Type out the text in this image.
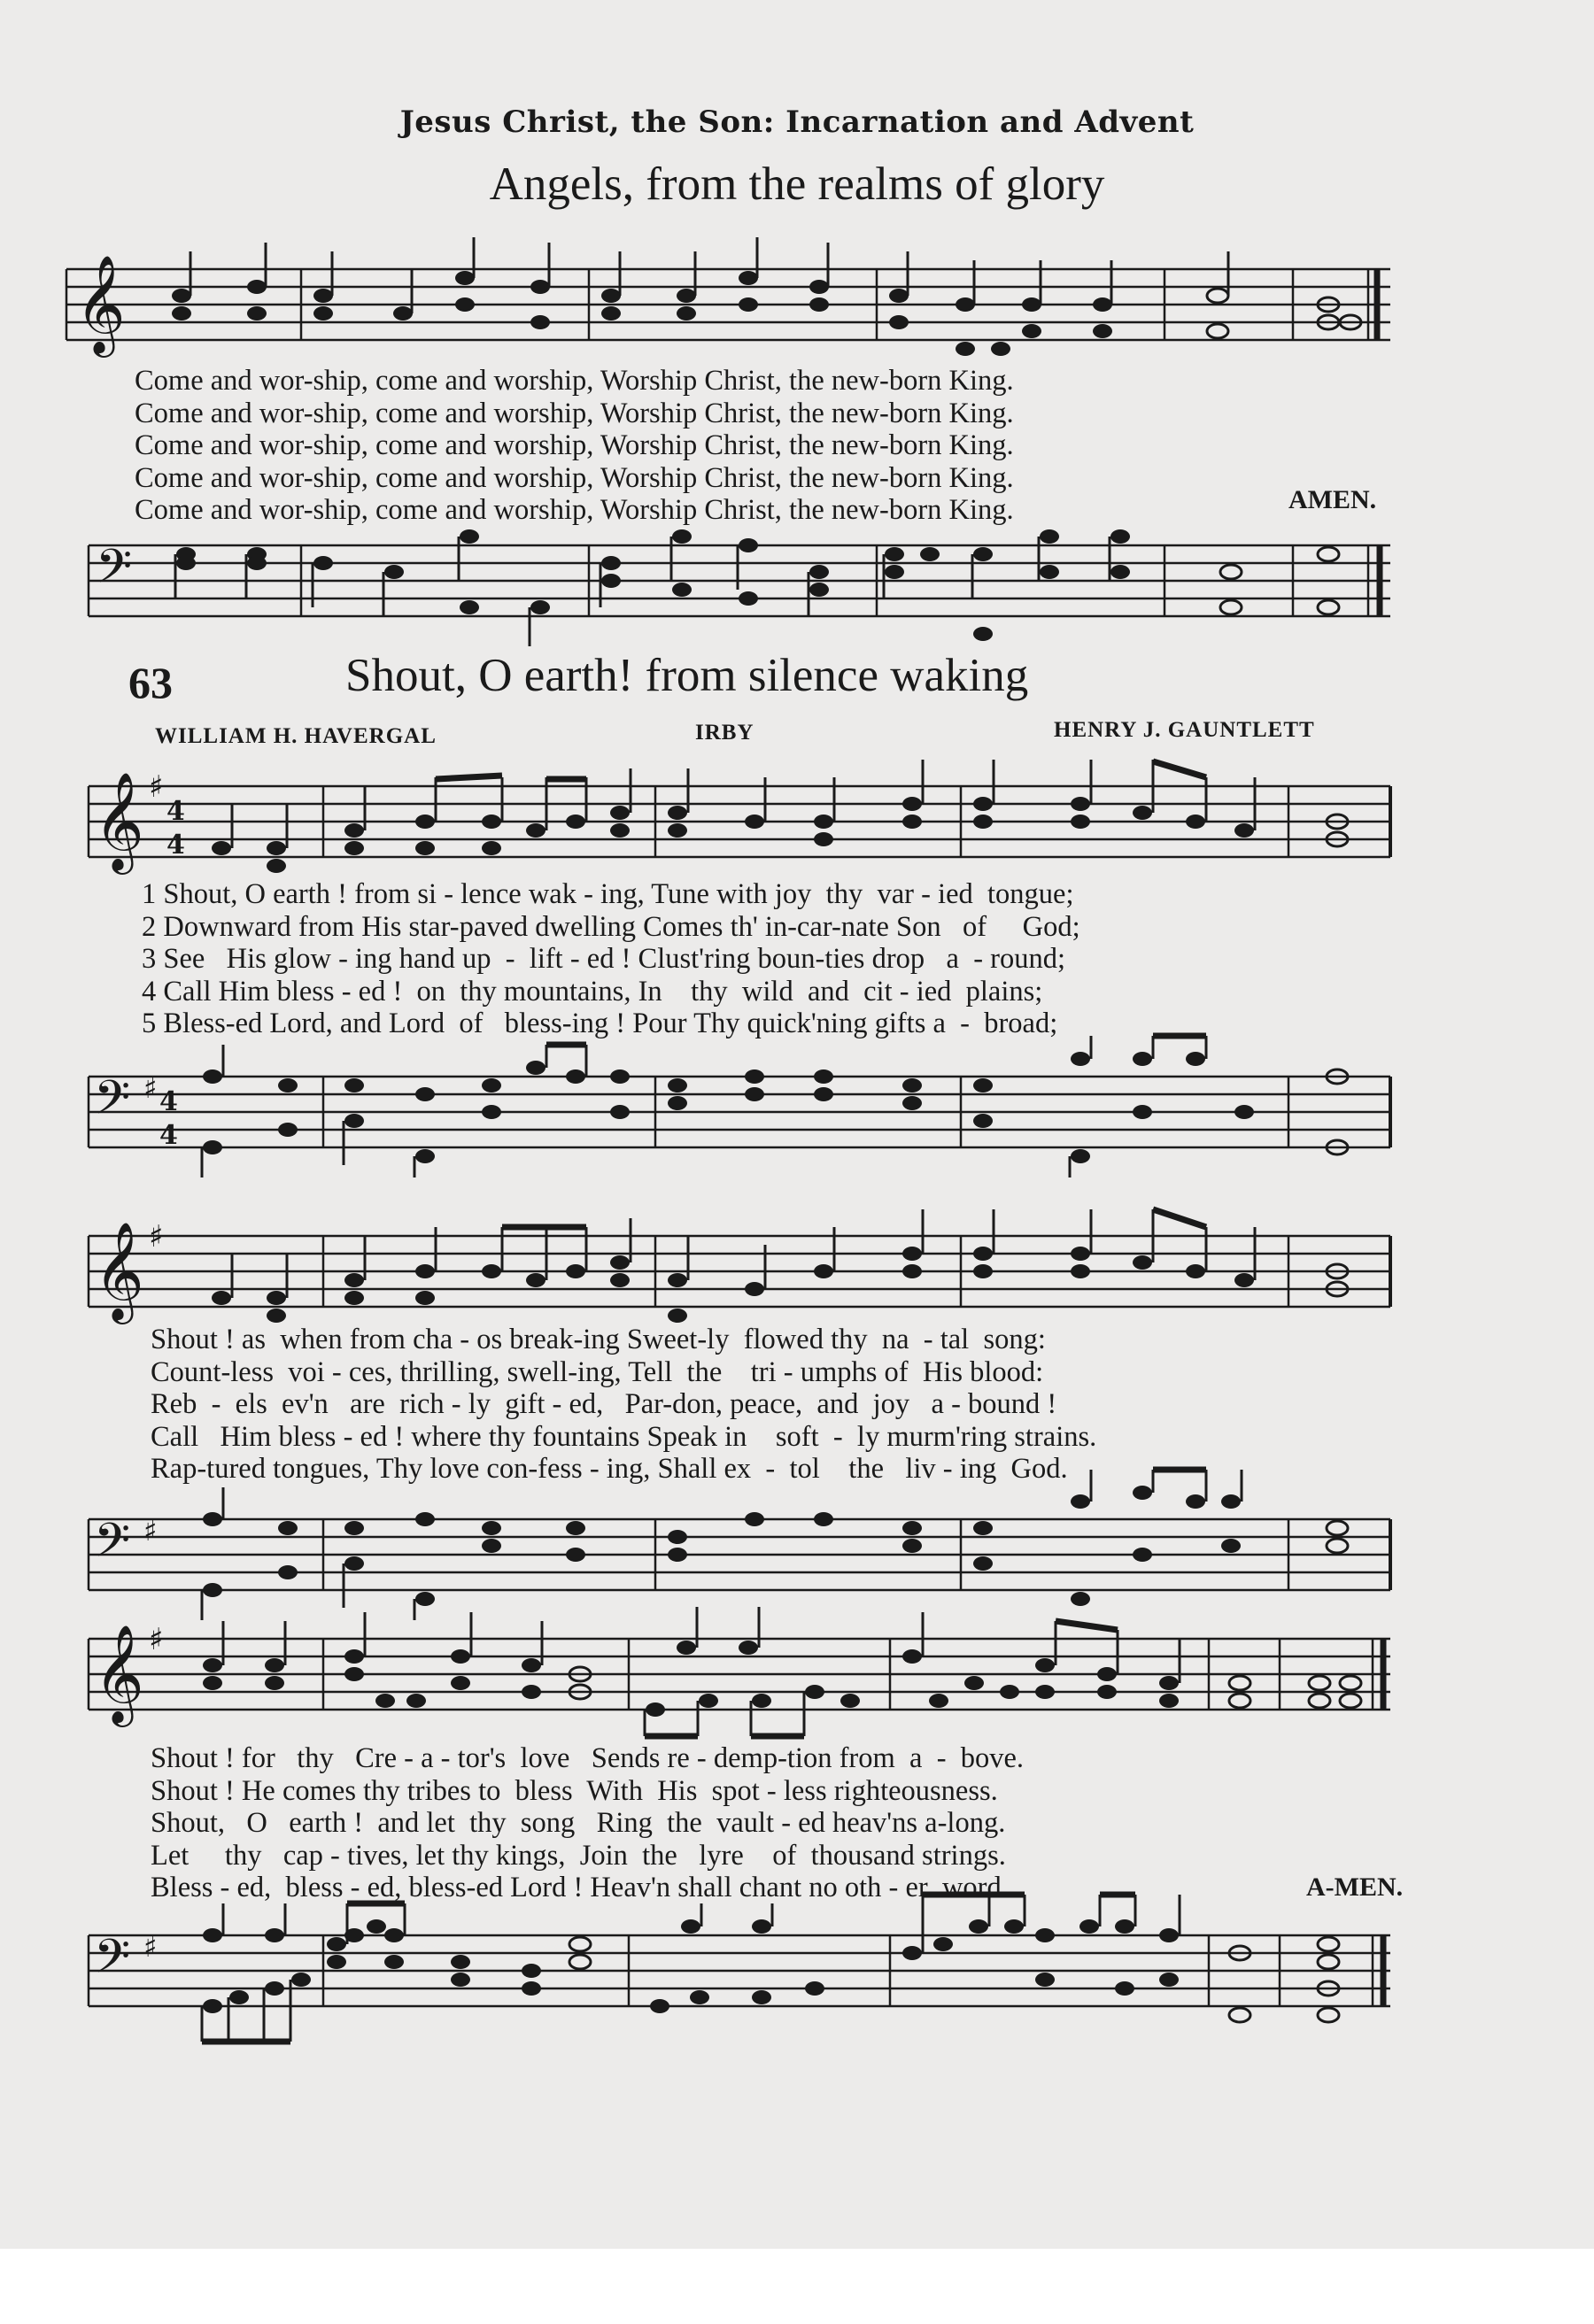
Jesus Christ, the Son: Incarnation and Advent
Angels, from the realms of glory
𝄞
Come and wor-ship, come and worship, Worship Christ, the new-born King.
Come and wor-ship, come and worship, Worship Christ, the new-born King.
Come and wor-ship, come and worship, Worship Christ, the new-born King.
Come and wor-ship, come and worship, Worship Christ, the new-born King.
Come and wor-ship, come and worship, Worship Christ, the new-born King.	AMEN.
𝄢
63	Shout, O earth! from silence waking
WILLIAM H. HAVERGAL	IRBY	HENRY J. GAUNTLETT
𝄞 ♯
4
4
1 Shout, O earth ! from si - lence wak - ing, Tune with joy  thy  var - ied  tongue;
2 Downward from His star-paved dwelling Comes th' in-car-nate Son   of     God;
3 See   His glow - ing hand up  -  lift - ed ! Clust'ring boun-ties drop   a  - round;
4 Call Him bless - ed !  on  thy mountains, In    thy  wild  and  cit - ied  plains;
5 Bless-ed Lord, and Lord  of   bless-ing ! Pour Thy quick'ning gifts a  -  broad;
𝄢 ♯ 4
4
𝄞 ♯
Shout ! as  when from cha - os break-ing Sweet-ly  flowed thy  na  - tal  song:
Count-less  voi - ces, thrilling, swell-ing, Tell  the    tri - umphs of  His blood:
Reb  -  els  ev'n   are  rich - ly  gift - ed,   Par-don, peace,  and  joy   a - bound !
Call   Him bless - ed ! where thy fountains Speak in    soft  -  ly murm'ring strains.
Rap-tured tongues, Thy love con-fess - ing, Shall ex  -  tol    the   liv - ing  God.
𝄢 ♯
𝄞 ♯
Shout ! for   thy   Cre - a - tor's  love   Sends re - demp-tion from  a  -  bove.
Shout ! He comes thy tribes to  bless  With  His  spot - less righteousness.
Shout,   O   earth !  and let  thy  song   Ring  the  vault - ed heav'ns a-long.
Let     thy   cap - tives, let thy kings,  Join  the   lyre    of  thousand strings.
Bless - ed,  bless - ed, bless-ed Lord ! Heav'n shall chant no oth - er  word.	A-MEN.
𝄢 ♯
